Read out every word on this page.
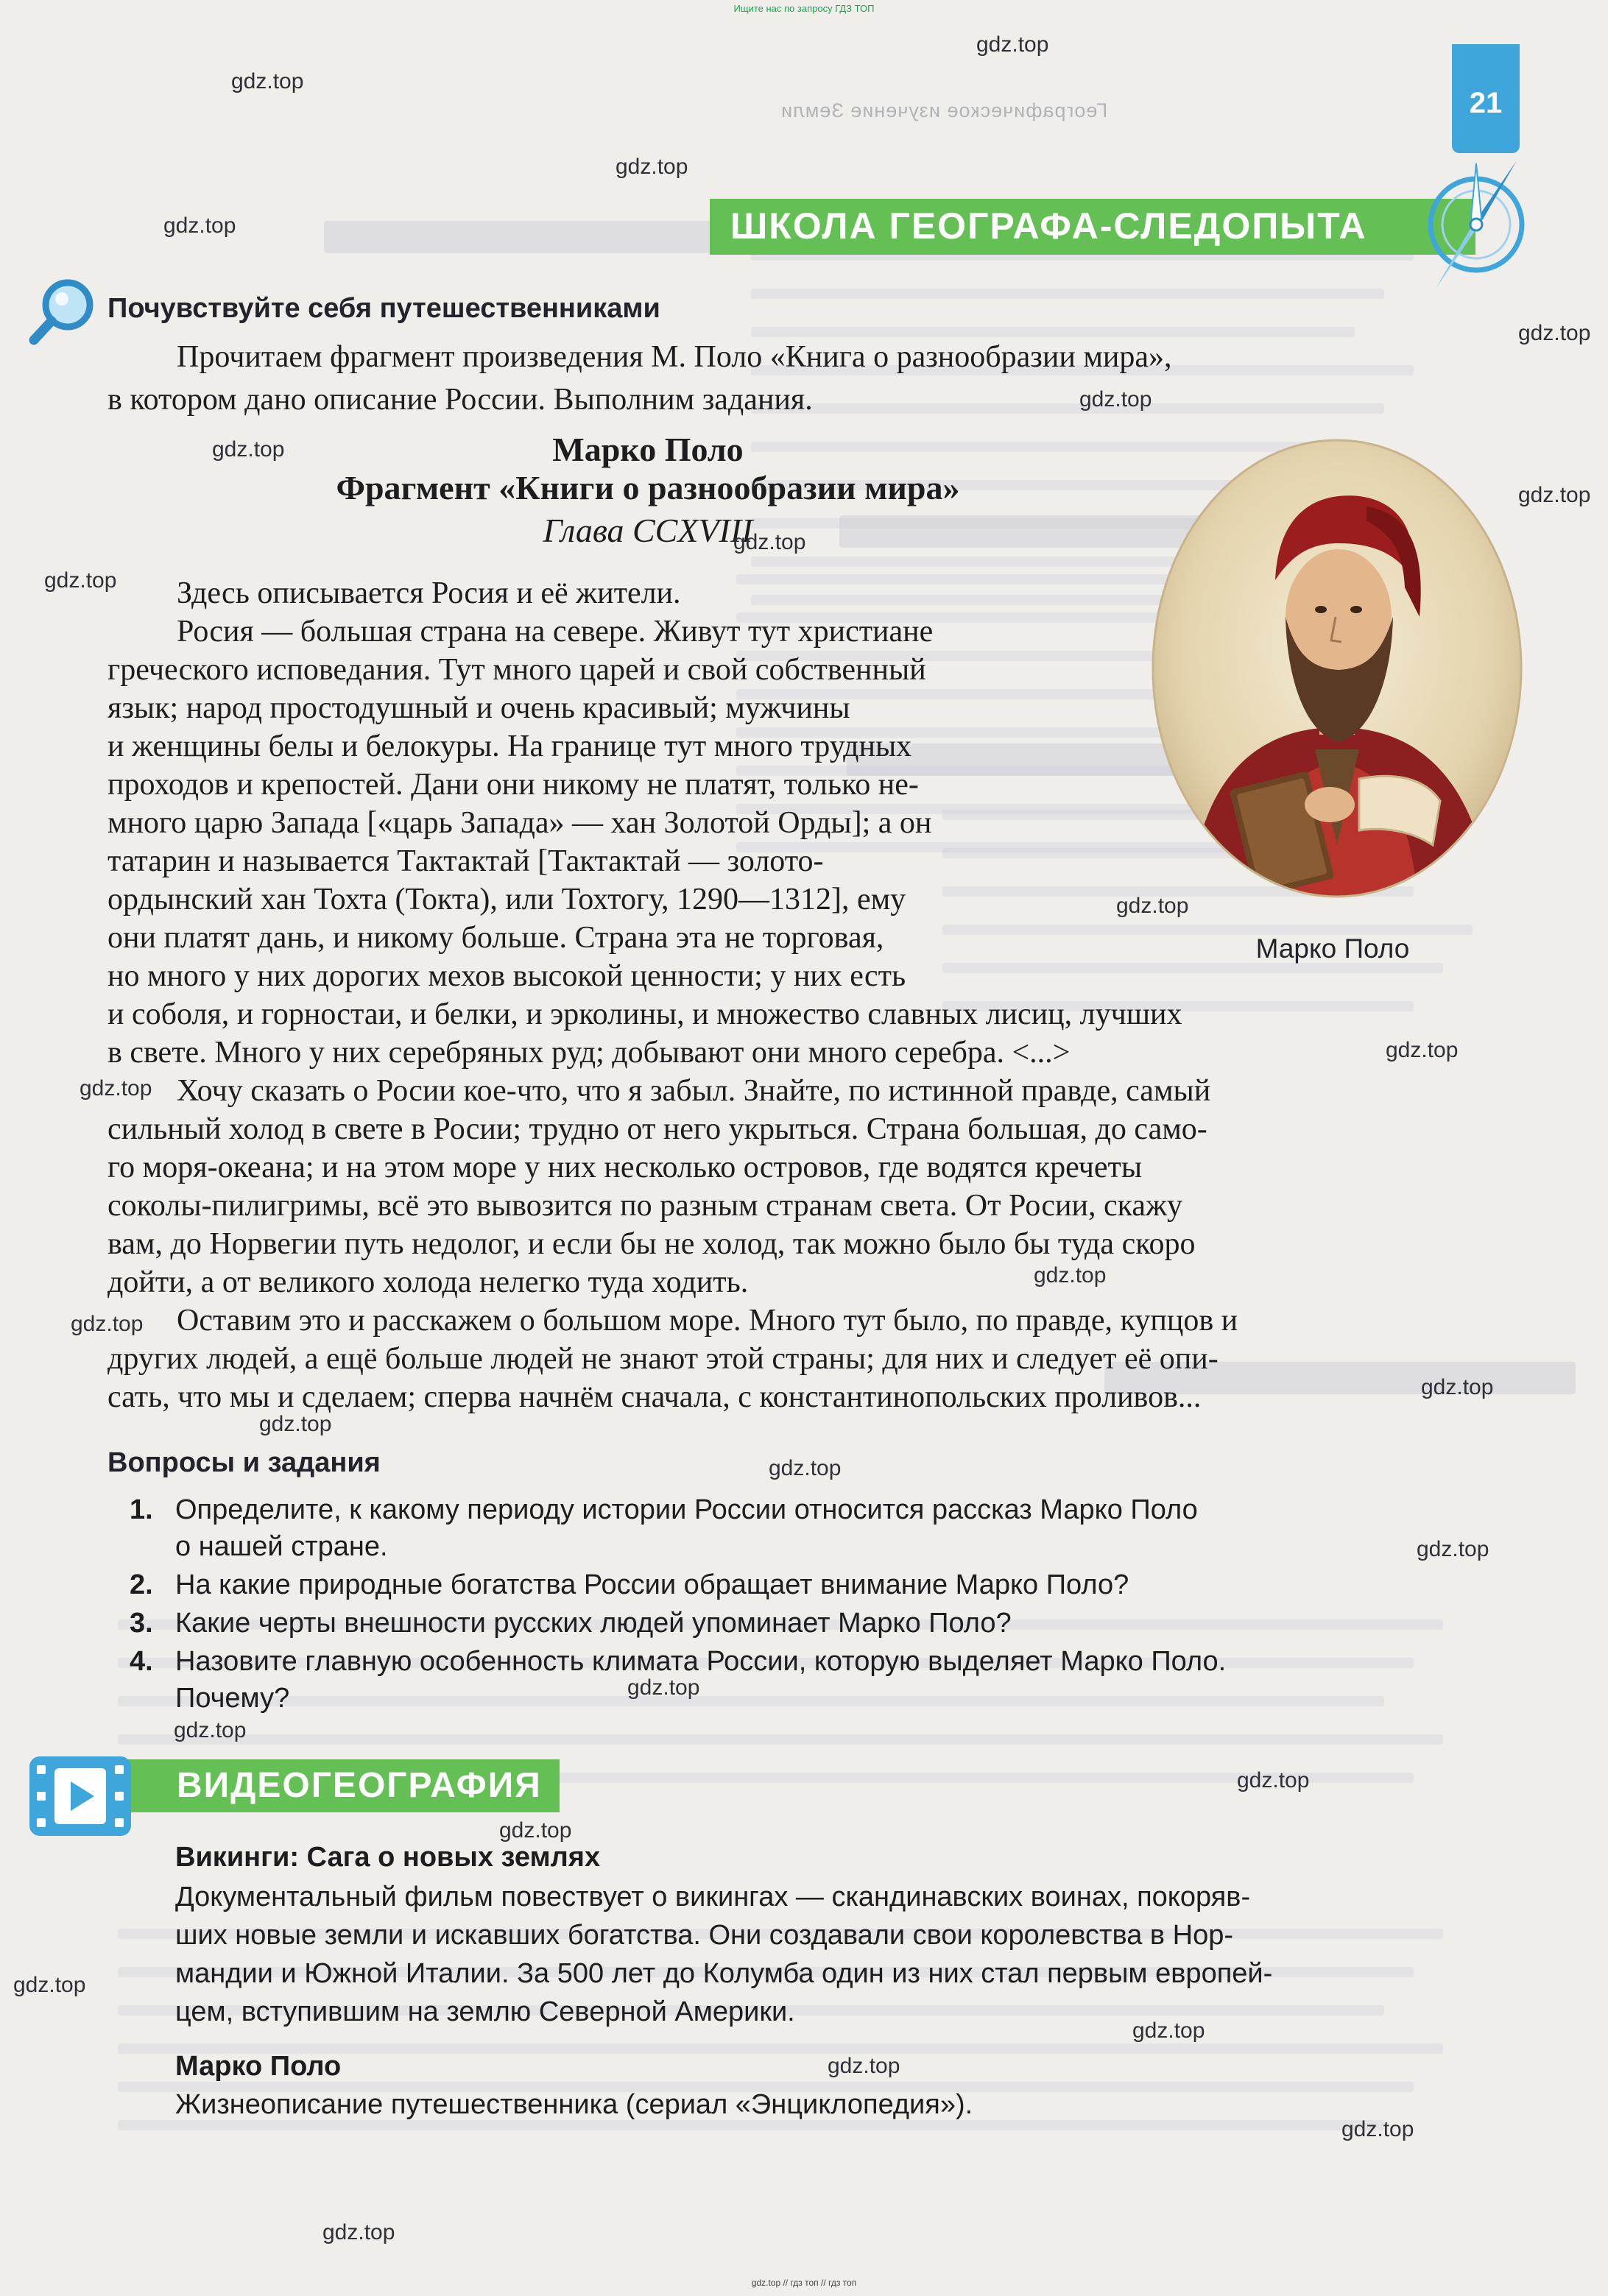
Ищите нас по запросу ГДЗ ТОП
Географическое изучение Земли	21
ШКОЛА ГЕОГРАФА-СЛЕДОПЫТА
Почувствуйте себя путешественниками
Прочитаем фрагмент произведения М. Поло «Книга о разнообразии мира»,
в котором дано описание России. Выполним задания.
Марко Поло
Фрагмент «Книги о разнообразии мира»
Глава CCXVIII
Здесь описывается Росия и её жители.
Росия — большая страна на севере. Живут тут христиане
греческого исповедания. Тут много царей и свой собственный
язык; народ простодушный и очень красивый; мужчины
и женщины белы и белокуры. На границе тут много трудных
проходов и крепостей. Дани они никому не платят, только не-
много царю Запада [«царь Запада» — хан Золотой Орды]; а он
татарин и называется Тактактай [Тактактай — золото-
ордынский хан Тохта (Токта), или Тохтогу, 1290—1312], ему
они платят дань, и никому больше. Страна эта не торговая,
но много у них дорогих мехов высокой ценности; у них есть
и соболя, и горностаи, и белки, и эрколины, и множество славных лисиц, лучших
в свете. Много у них серебряных руд; добывают они много серебра. <...>
Хочу сказать о Росии кое-что, что я забыл. Знайте, по истинной правде, самый
сильный холод в свете в Росии; трудно от него укрыться. Страна большая, до само-
го моря-океана; и на этом море у них несколько островов, где водятся кречеты
соколы-пилигримы, всё это вывозится по разным странам света. От Росии, скажу
вам, до Норвегии путь недолог, и если бы не холод, так можно было бы туда скоро
дойти, а от великого холода нелегко туда ходить.
Оставим это и расскажем о большом море. Много тут было, по правде, купцов и
других людей, а ещё больше людей не знают этой страны; для них и следует её опи-
сать, что мы и сделаем; сперва начнём сначала, с константинопольских проливов...
Марко Поло
Вопросы и задания
1. Определите, к какому периоду истории России относится рассказ Марко Поло
о нашей стране.
2. На какие природные богатства России обращает внимание Марко Поло?
3. Какие черты внешности русских людей упоминает Марко Поло?
4. Назовите главную особенность климата России, которую выделяет Марко Поло.
Почему?
ВИДЕОГЕОГРАФИЯ
Викинги: Сага о новых землях
Документальный фильм повествует о викингах — скандинавских воинах, покоряв-
ших новые земли и искавших богатства. Они создавали свои королевства в Нор-
мандии и Южной Италии. За 500 лет до Колумба один из них стал первым европей-
цем, вступившим на землю Северной Америки.
Марко Поло
Жизнеописание путешественника (сериал «Энциклопедия»).
gdz.top
gdz.top
gdz.top
gdz.top
gdz.top
gdz.top
gdz.top
gdz.top
gdz.top
gdz.top
gdz.top
gdz.top
gdz.top
gdz.top
gdz.top
gdz.top
gdz.top
gdz.top
gdz.top
gdz.top
gdz.top
gdz.top
gdz.top
gdz.top
gdz.top
gdz.top
gdz.top
gdz.top
gdz.top // гдз топ // гдз топ
